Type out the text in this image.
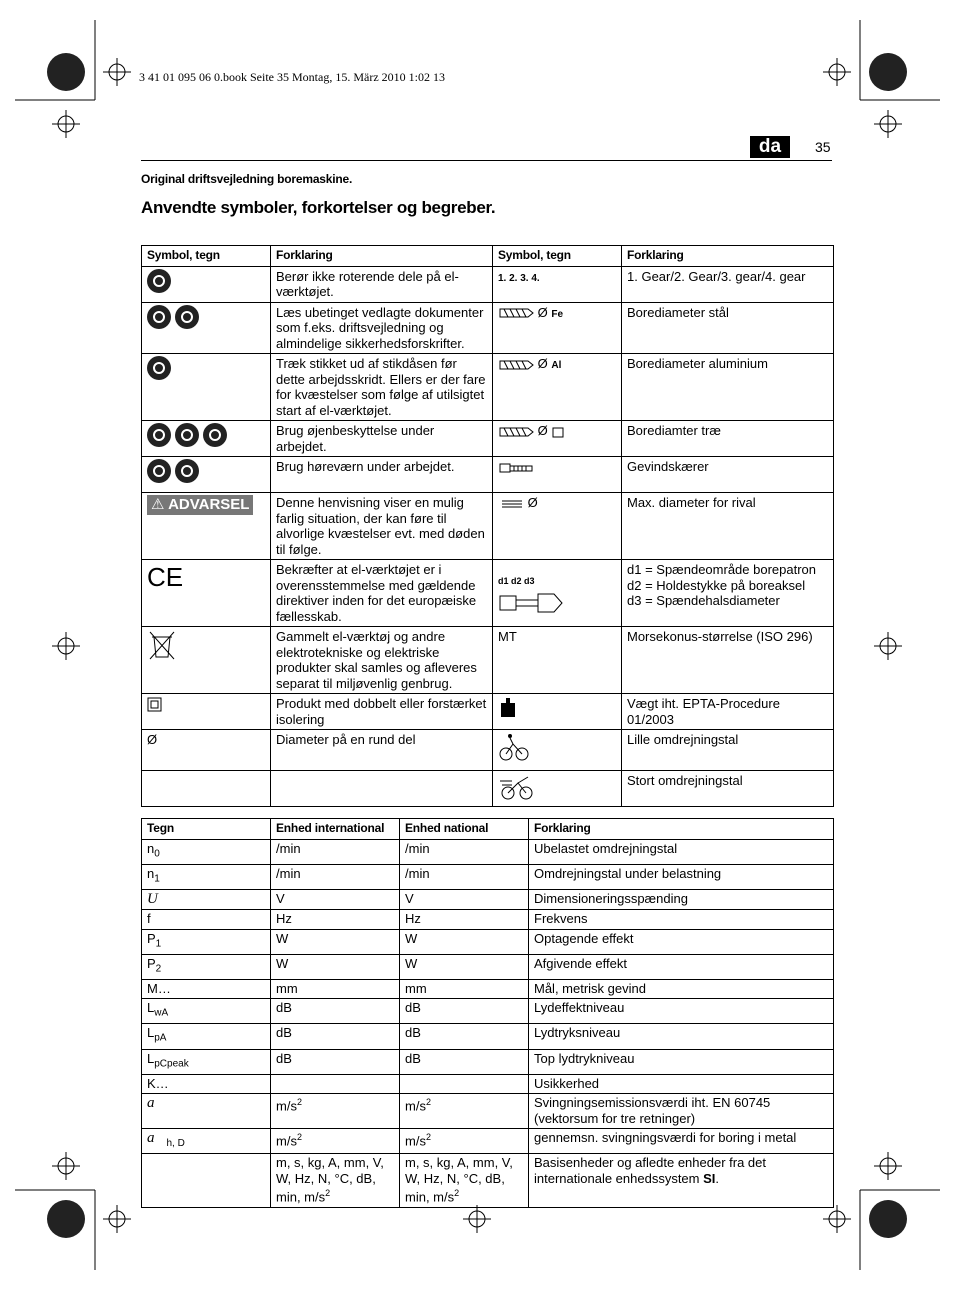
3 41 01 095 06 0.book Seite 35 Montag, 15. März 2010 1:02 13
da	35
Original driftsvejledning boremaskine.
Anvendte symboler, forkortelser og begreber.
Symbol, tegn	Forklaring	Symbol, tegn	Forklaring
	Berør ikke roterende dele på el-værktøjet.	1. 2. 3. 4.	1. Gear/2. Gear/3. gear/4. gear
	Læs ubetinget vedlagte dokumenter som f.eks. driftsvejledning og almindelige sikkerhedsforskrifter.	Ø Fe	Borediameter stål
	Træk stikket ud af stikdåsen før dette arbejdsskridt. Ellers er der fare for kvæstelser som følge af utilsigtet start af el-værktøjet.	Ø Al	Borediameter aluminium
	Brug øjenbeskyttelse under arbejdet.	Ø	Borediamter træ
	Brug høreværn under arbejdet.		Gevindskærer
⚠ ADVARSEL	Denne henvisning viser en mulig farlig situation, der kan føre til alvorlige kvæstelser evt. med døden til følge.	Ø	Max. diameter for rival
CE	Bekræfter at el-værktøjet er i overensstemmelse med gældende direktiver inden for det europæiske fællesskab.	d1 d2 d3	d1 = Spændeområde borepatron
d2 = Holdestykke på boreaksel
d3 = Spændehalsdiameter

	Gammelt el-værktøj og andre elektrotekniske og elektriske produkter skal samles og afleveres separat til miljøvenlig genbrug.	MT	Morsekonus-størrelse (ISO 296)
	Produkt med dobbelt eller forstærket isolering		Vægt iht. EPTA-Procedure 01/2003
Ø	Diameter på en rund del		Lille omdrejningstal
			Stort omdrejningstal
Tegn	Enhed international	Enhed national	Forklaring
$n_0$	/min	/min	Ubelastet omdrejningstal
$n_1$	/min	/min	Omdrejningstal under belastning
U	V	V	Dimensioneringsspænding
f	Hz	Hz	Frekvens
$P_1$	W	W	Optagende effekt
$P_2$	W	W	Afgivende effekt
M…	mm	mm	Mål, metrisk gevind
$L_{wA}$	dB	dB	Lydeffektniveau
$L_{pA}$	dB	dB	Lydtryksniveau
$L_{pCpeak}$	dB	dB	Top lydtrykniveau
K…			Usikkerhed
a	$m/s^2$	$m/s^2$	Svingningsemissionsværdi iht. EN 60745 (vektorsum for tre retninger)
a $_{h, D}$	$m/s^2$	$m/s^2$	gennemsn. svingningsværdi for boring i metal
	m, s, kg, A, mm, V, W, Hz, N, °C, dB, min, $m/s^2$	m, s, kg, A, mm, V, W, Hz, N, °C, dB, min, $m/s^2$	Basisenheder og afledte enheder fra det internationale enhedssystem SI.
